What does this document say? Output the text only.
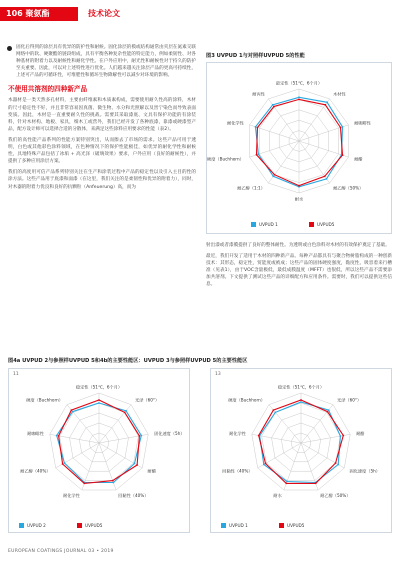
106 聚氨酯	技术论文

固化后得到的涂层具有优异的防护性和耐候。固化涂层的模或结构通常由夹层在氮素交联网络中的软、硬聚酯的链段组成，具有平衡各种复杂性能的特定能力，例如柔韧性、对各种基材的附着力以及耐候性和耐化学性。在户外应用中，耐光性和耐候性对于持久的防护至关重要。因此，可以对上述特性进行优化。人们越来越关注涂层产品的更高可持续性，上述可产品的可循环性，可堆肥性和循环生物降解性可以减少对环境的影响。

不使用共溶剂的四种新产品

木器材是一类天然多孔材料，主要由纤维素和木质素构成，需要使用耐久性高的涂料，木材的尺寸稳定性不好，并且非常容易因真菌、微生物、水分和光照解以及害宁染色而导致表面变质。因此，木材是一直重要耐久性的挑战。需要其采取漆底、文具有保护功能的有涂装料，针对木材构、地板、家具，细木工或营外，我们已经开发了各种底漆，靠漆或硬漆型产品，配方设计师可以选择合适的分散体，来满足这些涂料应用要求的性能（表2）。

我们的高性能产品系列的性能方案特别突出，从而擦去了市场的需求。这些产品可用于透明，白色或其他彩色涂料领域，在色种情况下的保护性能极佳，如优异的耐化学性和耐候性，具地特殊产品包括了冰垢 + 高光泽（破璃效果）要求，户外应用（良好的耐候性），并提供了多种应用涂层方案。

我们的高度用可信产品系列特别关注在生产和涂装过程中产品的稳定性以及引入主目的性的涂方法。这些产品用于底漆和面漆（在这里，我们关注的是柔韧性和优异的附着力），同时，对木器的附着力优良和良好的抗颗粒（Anfeuerung）高，而为

图3 UVPUD 1与对照样UVPUD 5的性能
最定性（51℃，6个月）
木材性
耐咖啡性
耐醋
耐乙醇（50%）
耐水
耐乙醇（1:1）
硬度（Buchhorn）
耐化学性
耐丙性
UVPUD 1	UVPUD5

射出漆或者漆膜提供了良好的整体耐性。为透明或白色涂料对木材的有效保护奠定了基础。

最近，我们开发了适用于木材的四种新产品。每种产品都具有与聚合物树脂构成的一种创新技术：其形态，稳定性，贸能度或被成；这些产品的固体硬度强度，黏度性、吸容着来行槽准（见表1），由于VOC含量极低，最低成膜温度（MFFT）也很低，所以这些产品不需要添加共溶剂。下文提供了测试这些产品的详细配方和应用条件。需要时，我们可以提供这些信息。

图4a UVPUD 2与参照样UVPUD 5和4b的主要性能区：UVPUD 3与参照样UVPUD 5的主要性能区
11
稳定性（51℃，6个月）
光泽（60°）
固化速度（5h）
耐醋
回黏性（40%）
耐化学性
耐乙醇（40%）
耐咖啡性
硬度（Buchhorn）
UVPUD 2	UVPUD5
13
稳定性（51℃，6个月）
光泽（60°）
耐醋
固化速度（5h）
耐乙醇（50%）
耐水
回黏性（40%）
耐化学性
硬度（Buchhorn）
UVPUD 1	UVPUD5
EUROPEAN COATINGS JOURNAL 03 • 2019
